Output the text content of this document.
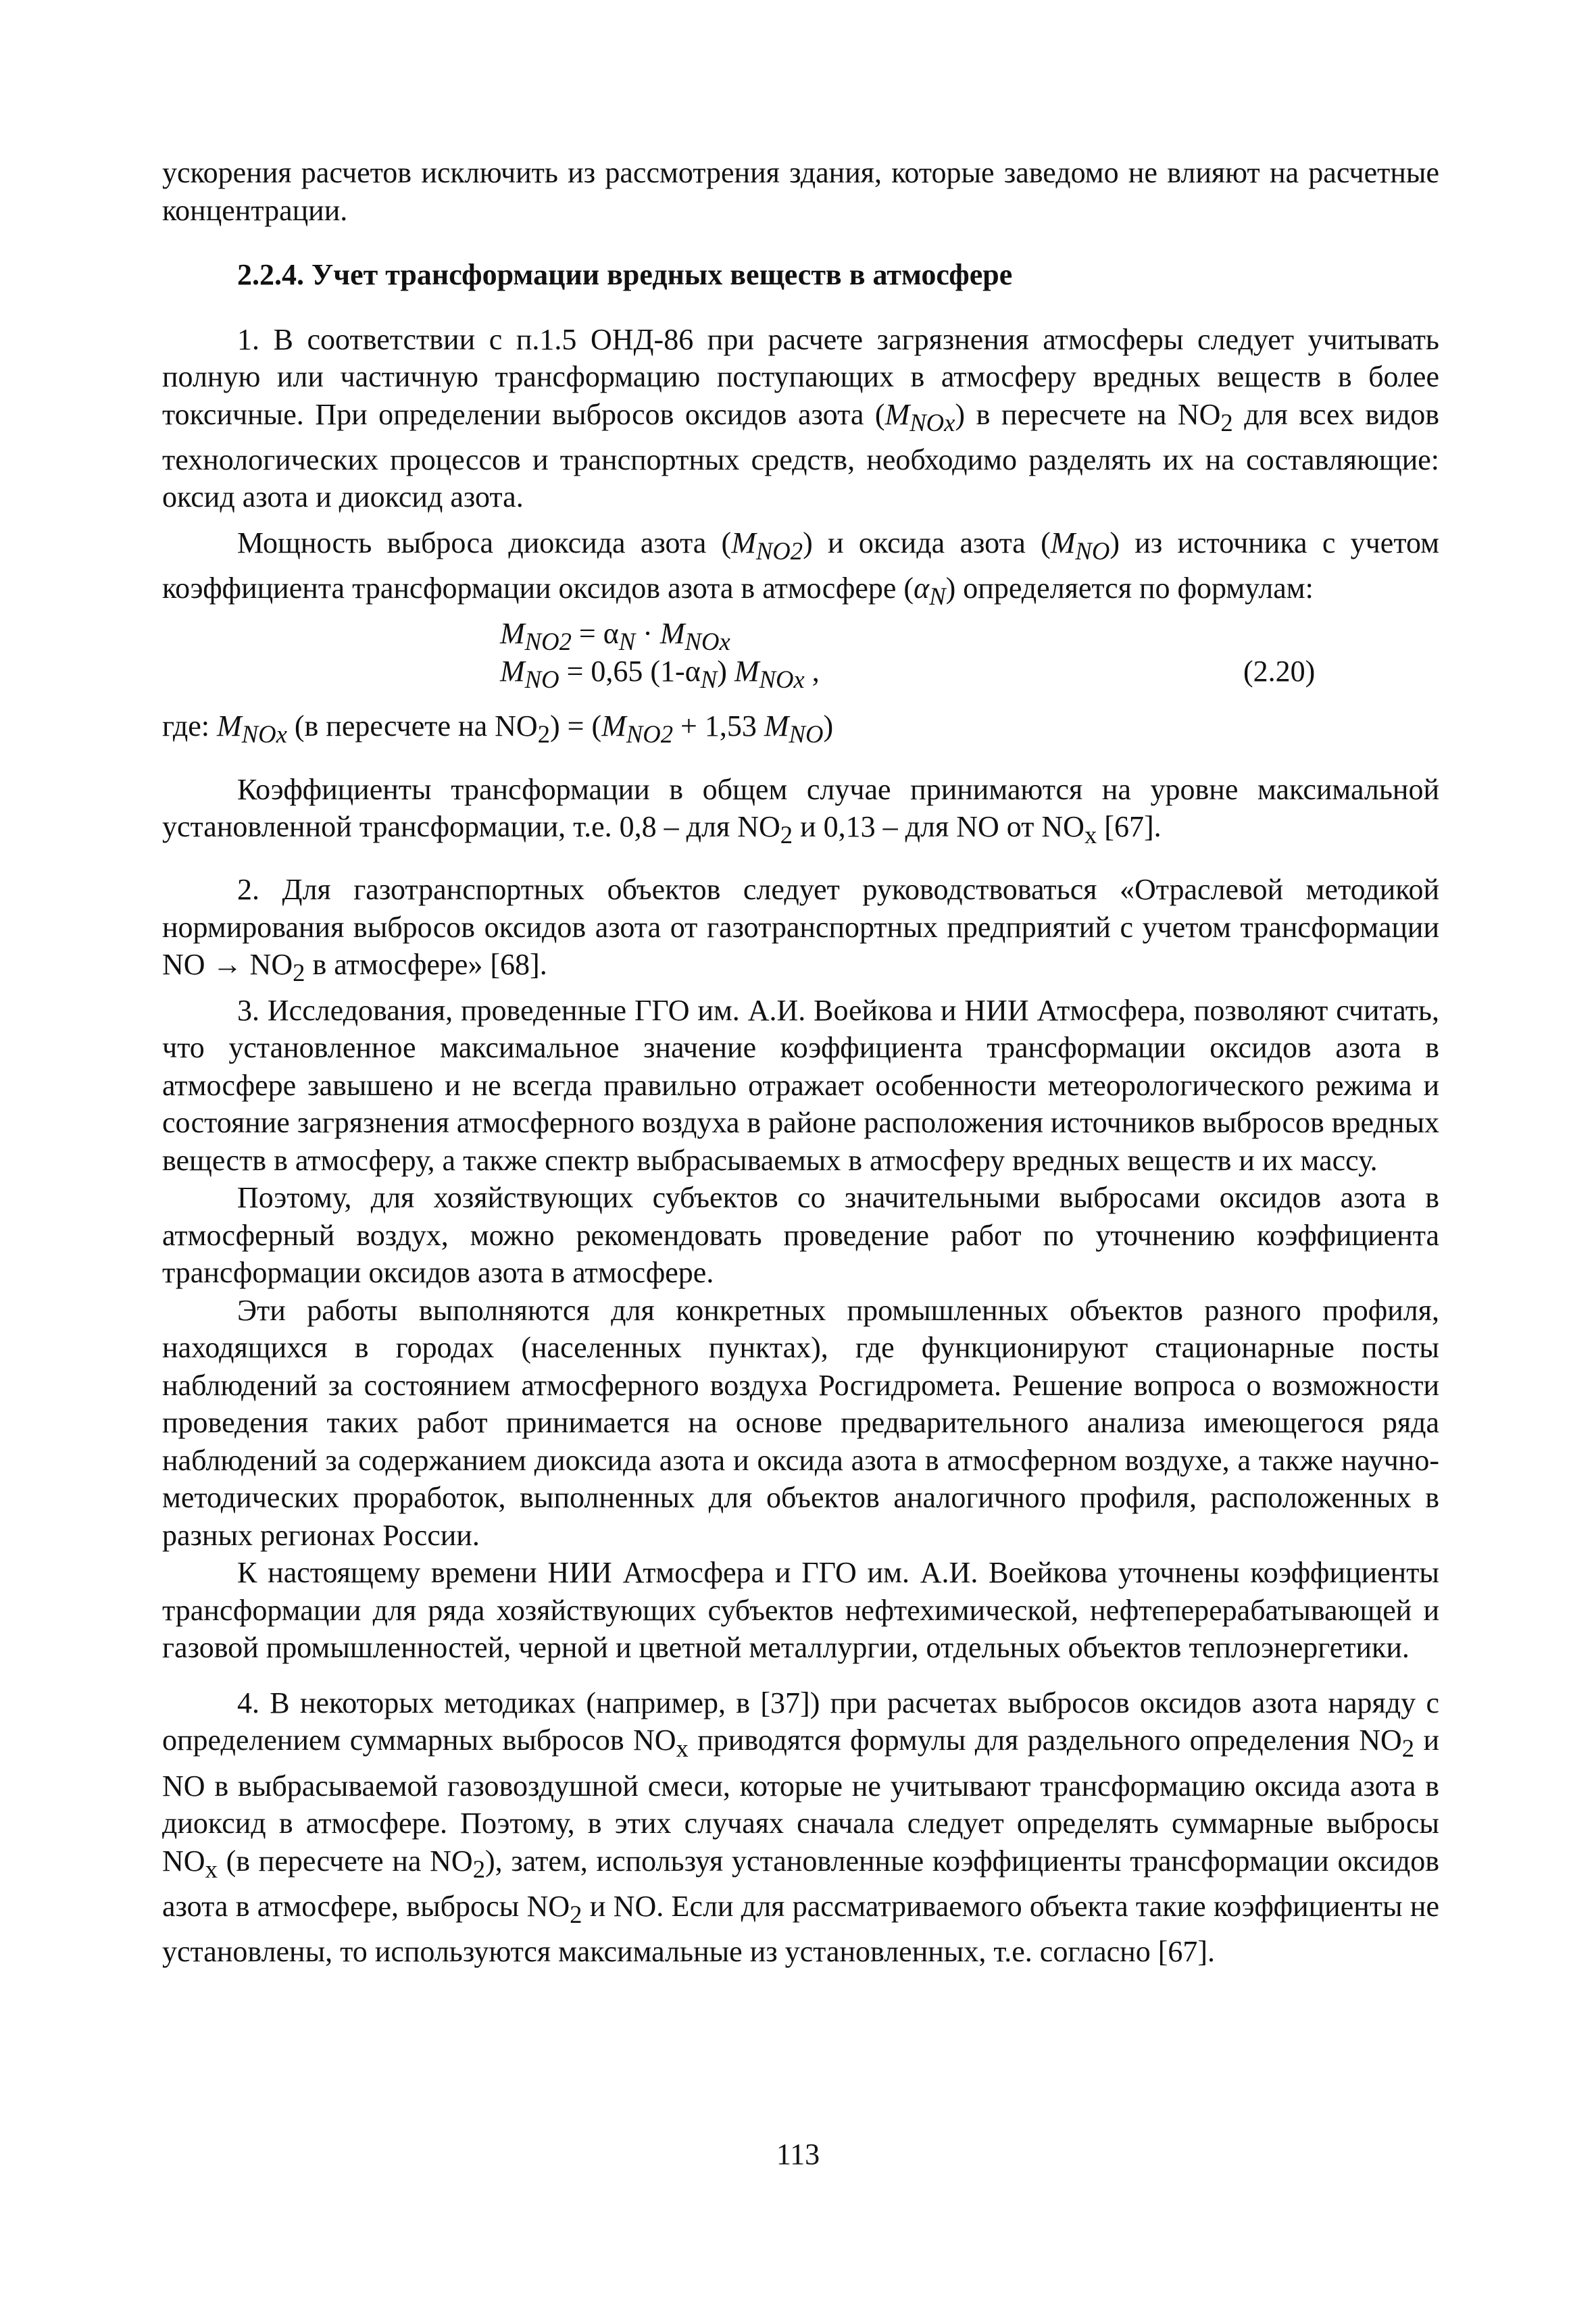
ускорения расчетов исключить из рассмотрения здания, которые заведомо не влияют на расчетные концентрации.

2.2.4. Учет трансформации вредных веществ в атмосфере

1. В соответствии с п.1.5 ОНД-86 при расчете загрязнения атмосферы следует учитывать полную или частичную трансформацию поступающих в атмосферу вредных веществ в более токсичные. При определении выбросов оксидов азота $(M_{NOx})$ в пересчете на $NO_2$ для всех видов технологических процессов и транспортных средств, необходимо разделять их на составляющие: оксид азота и диоксид азота.

Мощность выброса диоксида азота $(M_{NO2})$ и оксида азота $(M_{NO})$ из источника с учетом коэффициента трансформации оксидов азота в атмосфере $(\alpha_N)$ определяется по формулам:

$M_{NO2} = \alpha_N \cdot M_{NOx}$
$M_{NO} = 0,65$ $(1-\alpha_N)$ $M_{NOx}$ ,	(2.20)

где: $M_{NOx}$ (в пересчете на $NO_2) = (M_{NO2} + 1,53$ $M_{NO}$)

Коэффициенты трансформации в общем случае принимаются на уровне максимальной установленной трансформации, т.е. 0,8 – для $NO_2$ и 0,13 – для NO от $NO_x$ [67].

2. Для газотранспортных объектов следует руководствоваться «Отраслевой методикой нормирования выбросов оксидов азота от газотранспортных предприятий с учетом трансформации NO → $NO_2$ в атмосфере» [68].

3. Исследования, проведенные ГГО им. А.И. Воейкова и НИИ Атмосфера, позволяют считать, что установленное максимальное значение коэффициента трансформации оксидов азота в атмосфере завышено и не всегда правильно отражает особенности метеорологического режима и состояние загрязнения атмосферного воздуха в районе расположения источников выбросов вредных веществ в атмосферу, а также спектр выбрасываемых в атмосферу вредных веществ и их массу.

Поэтому, для хозяйствующих субъектов со значительными выбросами оксидов азота в атмосферный воздух, можно рекомендовать проведение работ по уточнению коэффициента трансформации оксидов азота в атмосфере.

Эти работы выполняются для конкретных промышленных объектов разного профиля, находящихся в городах (населенных пунктах), где функционируют стационарные посты наблюдений за состоянием атмосферного воздуха Росгидромета. Решение вопроса о возможности проведения таких работ принимается на основе предварительного анализа имеющегося ряда наблюдений за содержанием диоксида азота и оксида азота в атмосферном воздухе, а также научно-методических проработок, выполненных для объектов аналогичного профиля, расположенных в разных регионах России.

К настоящему времени НИИ Атмосфера и ГГО им. А.И. Воейкова уточнены коэффициенты трансформации для ряда хозяйствующих субъектов нефтехимической, нефтеперерабатывающей и газовой промышленностей, черной и цветной металлургии, отдельных объектов теплоэнергетики.

4. В некоторых методиках (например, в [37]) при расчетах выбросов оксидов азота наряду с определением суммарных выбросов $NO_x$ приводятся формулы для раздельного определения $NO_2$ и NO в выбрасываемой газовоздушной смеси, которые не учитывают трансформацию оксида азота в диоксид в атмосфере. Поэтому, в этих случаях сначала следует определять суммарные выбросы $NO_x$ (в пересчете на $NO_2$), затем, используя установленные коэффициенты трансформации оксидов азота в атмосфере, выбросы $NO_2$ и NO. Если для рассматриваемого объекта такие коэффициенты не установлены, то используются максимальные из установленных, т.е. согласно [67].

113
